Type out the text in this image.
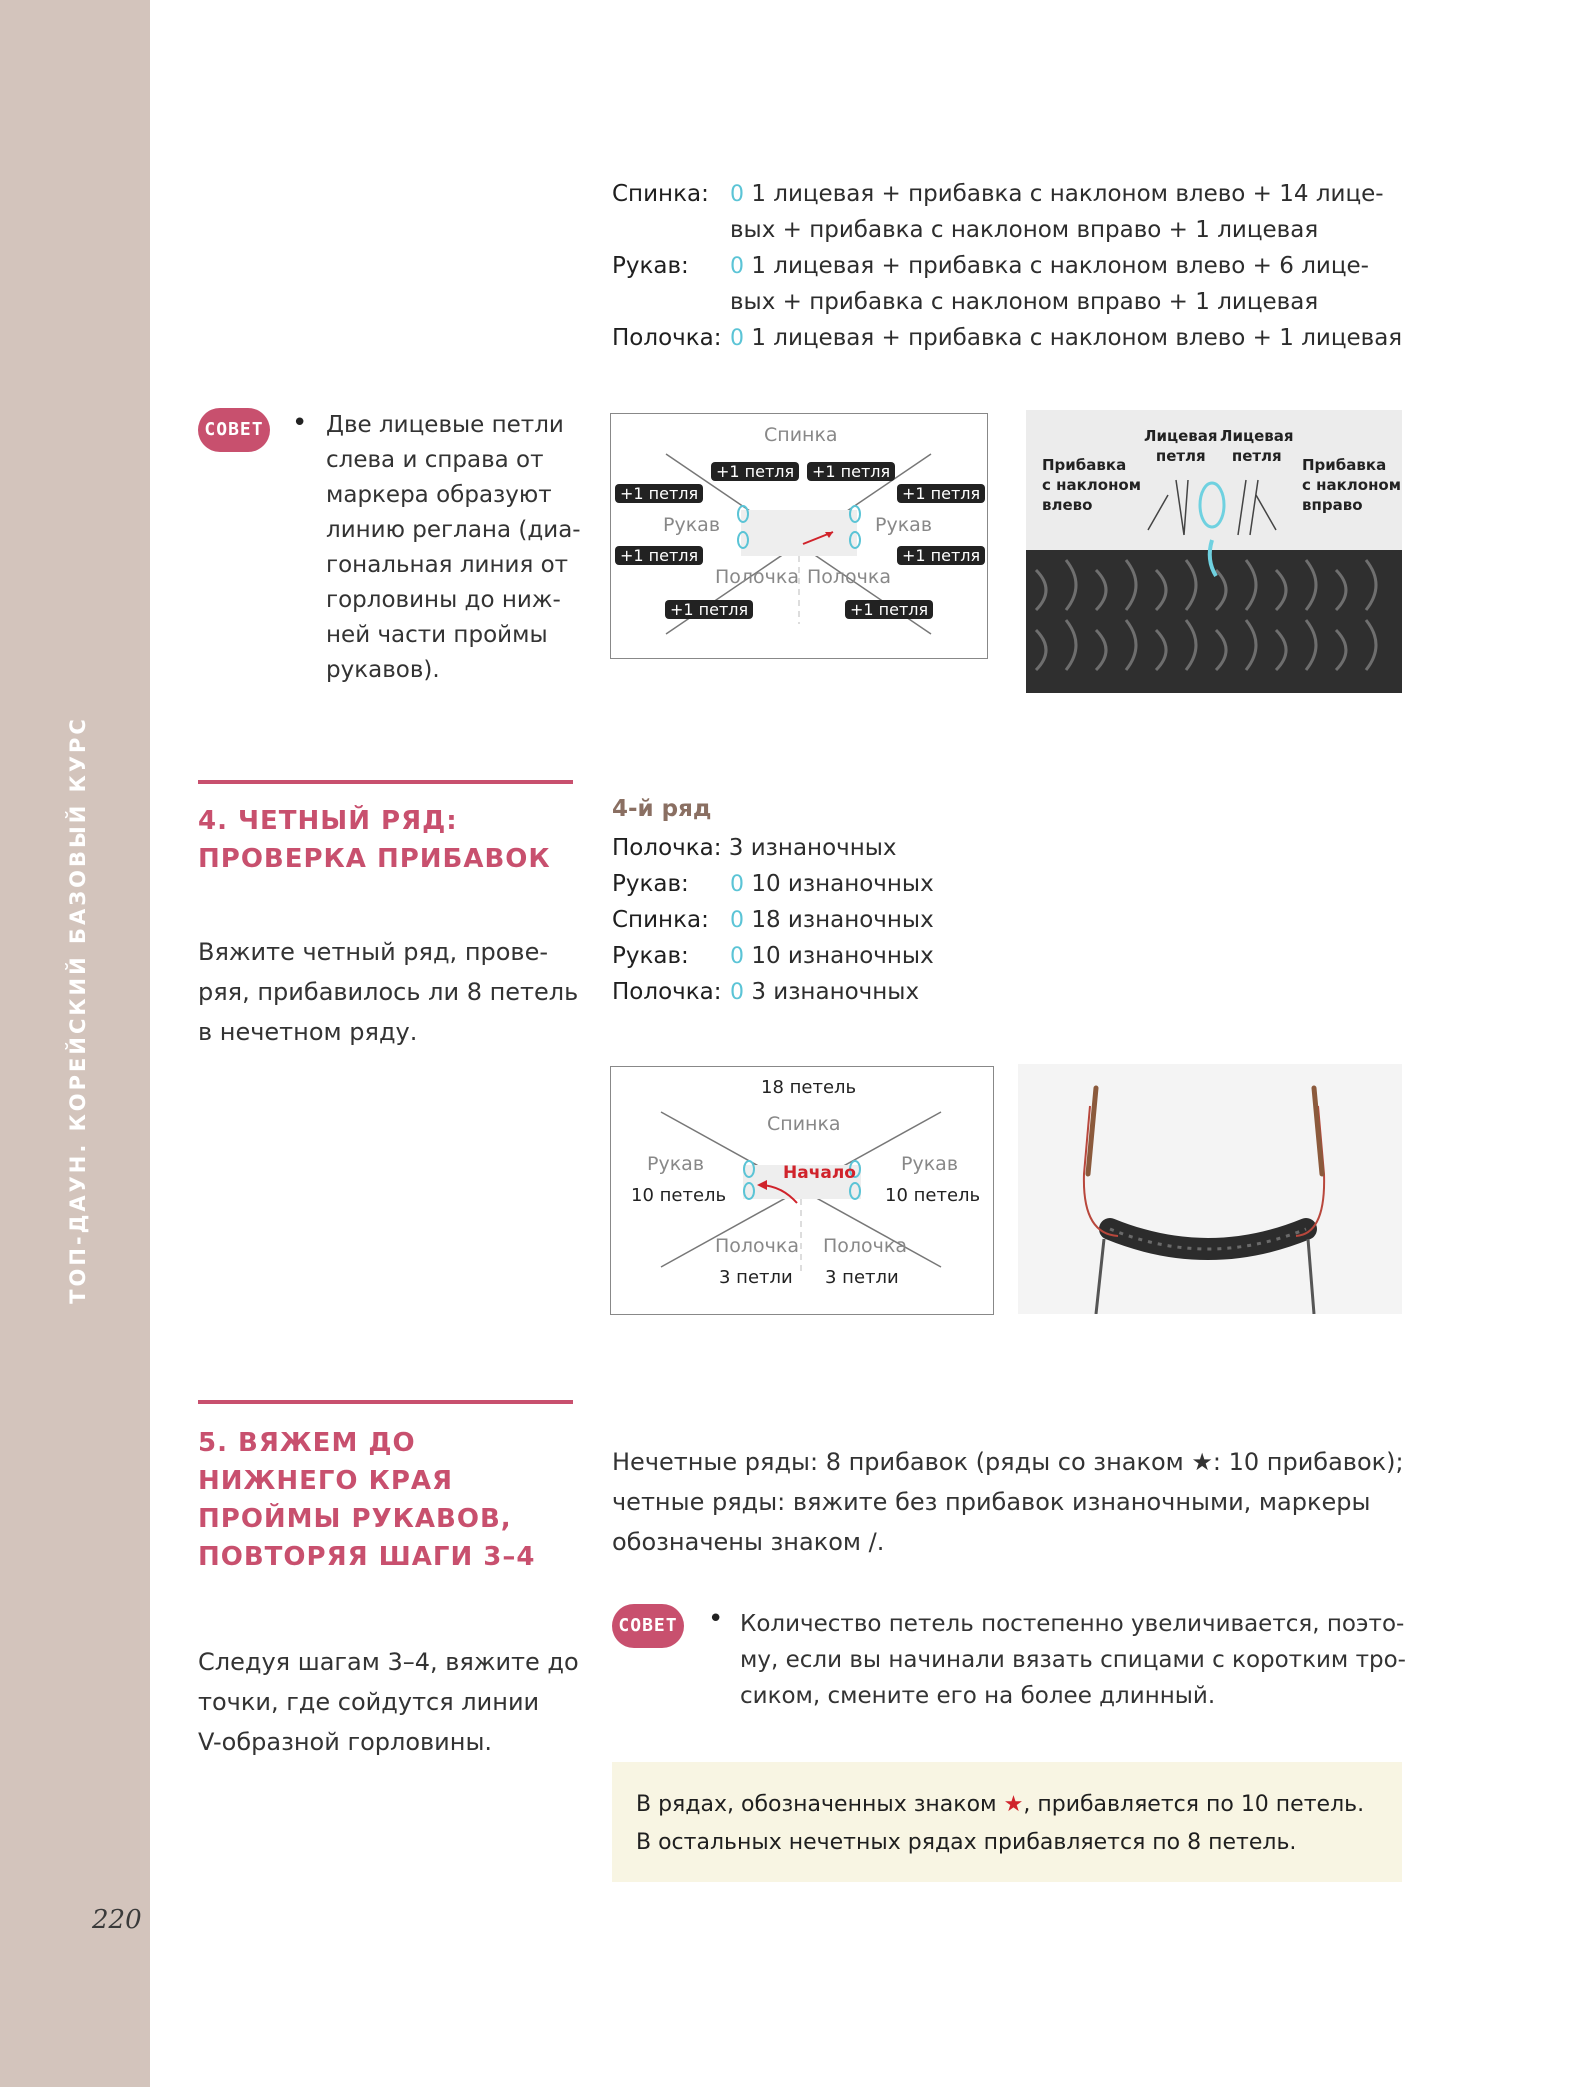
ТОП-ДАУН. КОРЕЙСКИЙ БАЗОВЫЙ КУРС
220
Спинка: 0 1 лицевая + прибавка с наклоном влево + 14 лице-
вых + прибавка с наклоном вправо + 1 лицевая
Рукав: 0 1 лицевая + прибавка с наклоном влево + 6 лице-
вых + прибавка с наклоном вправо + 1 лицевая
Полочка: 0 1 лицевая + прибавка с наклоном влево + 1 лицевая
СОВЕТ • Две лицевые петли
слева и справа от
маркера образуют
линию реглана (диа-
гональная линия от
горловины до ниж-
ней части проймы
рукавов).
Спинка
Рукав	Рукав
Полочка Полочка
+1 петля	+1 петля
+1 петля	+1 петля
+1 петля	+1 петля
+1 петля	+1 петля
Прибавка
с наклоном
влево
Лицевая
петля
Лицевая
петля	Прибавка
с наклоном
вправо
4. ЧЕТНЫЙ РЯД:
ПРОВЕРКА ПРИБАВОК
Вяжите четный ряд, прове-
ряя, прибавилось ли 8 петель
в нечетном ряду.
4-й ряд
Полочка: 3 изнаночных
Рукав: 0 10 изнаночных
Спинка: 0 18 изнаночных
Рукав: 0 10 изнаночных
Полочка: 0 3 изнаночных
18 петель
Спинка
Начало
Рукав
10 петель
Рукав
10 петель
Полочка
3 петли
Полочка
3 петли
5. ВЯЖЕМ ДО
НИЖНЕГО КРАЯ
ПРОЙМЫ РУКАВОВ,
ПОВТОРЯЯ ШАГИ 3–4
Следуя шагам 3–4, вяжите до
точки, где сойдутся линии
V-образной горловины.
Нечетные ряды: 8 прибавок (ряды со знаком ★: 10 прибавок);
четные ряды: вяжите без прибавок изнаночными, маркеры
обозначены знаком /.
СОВЕТ • Количество петель постепенно увеличивается, поэто-
му, если вы начинали вязать спицами с коротким тро-
сиком, смените его на более длинный.
В рядах, обозначенных знаком ★, прибавляется по 10 петель.
В остальных нечетных рядах прибавляется по 8 петель.
